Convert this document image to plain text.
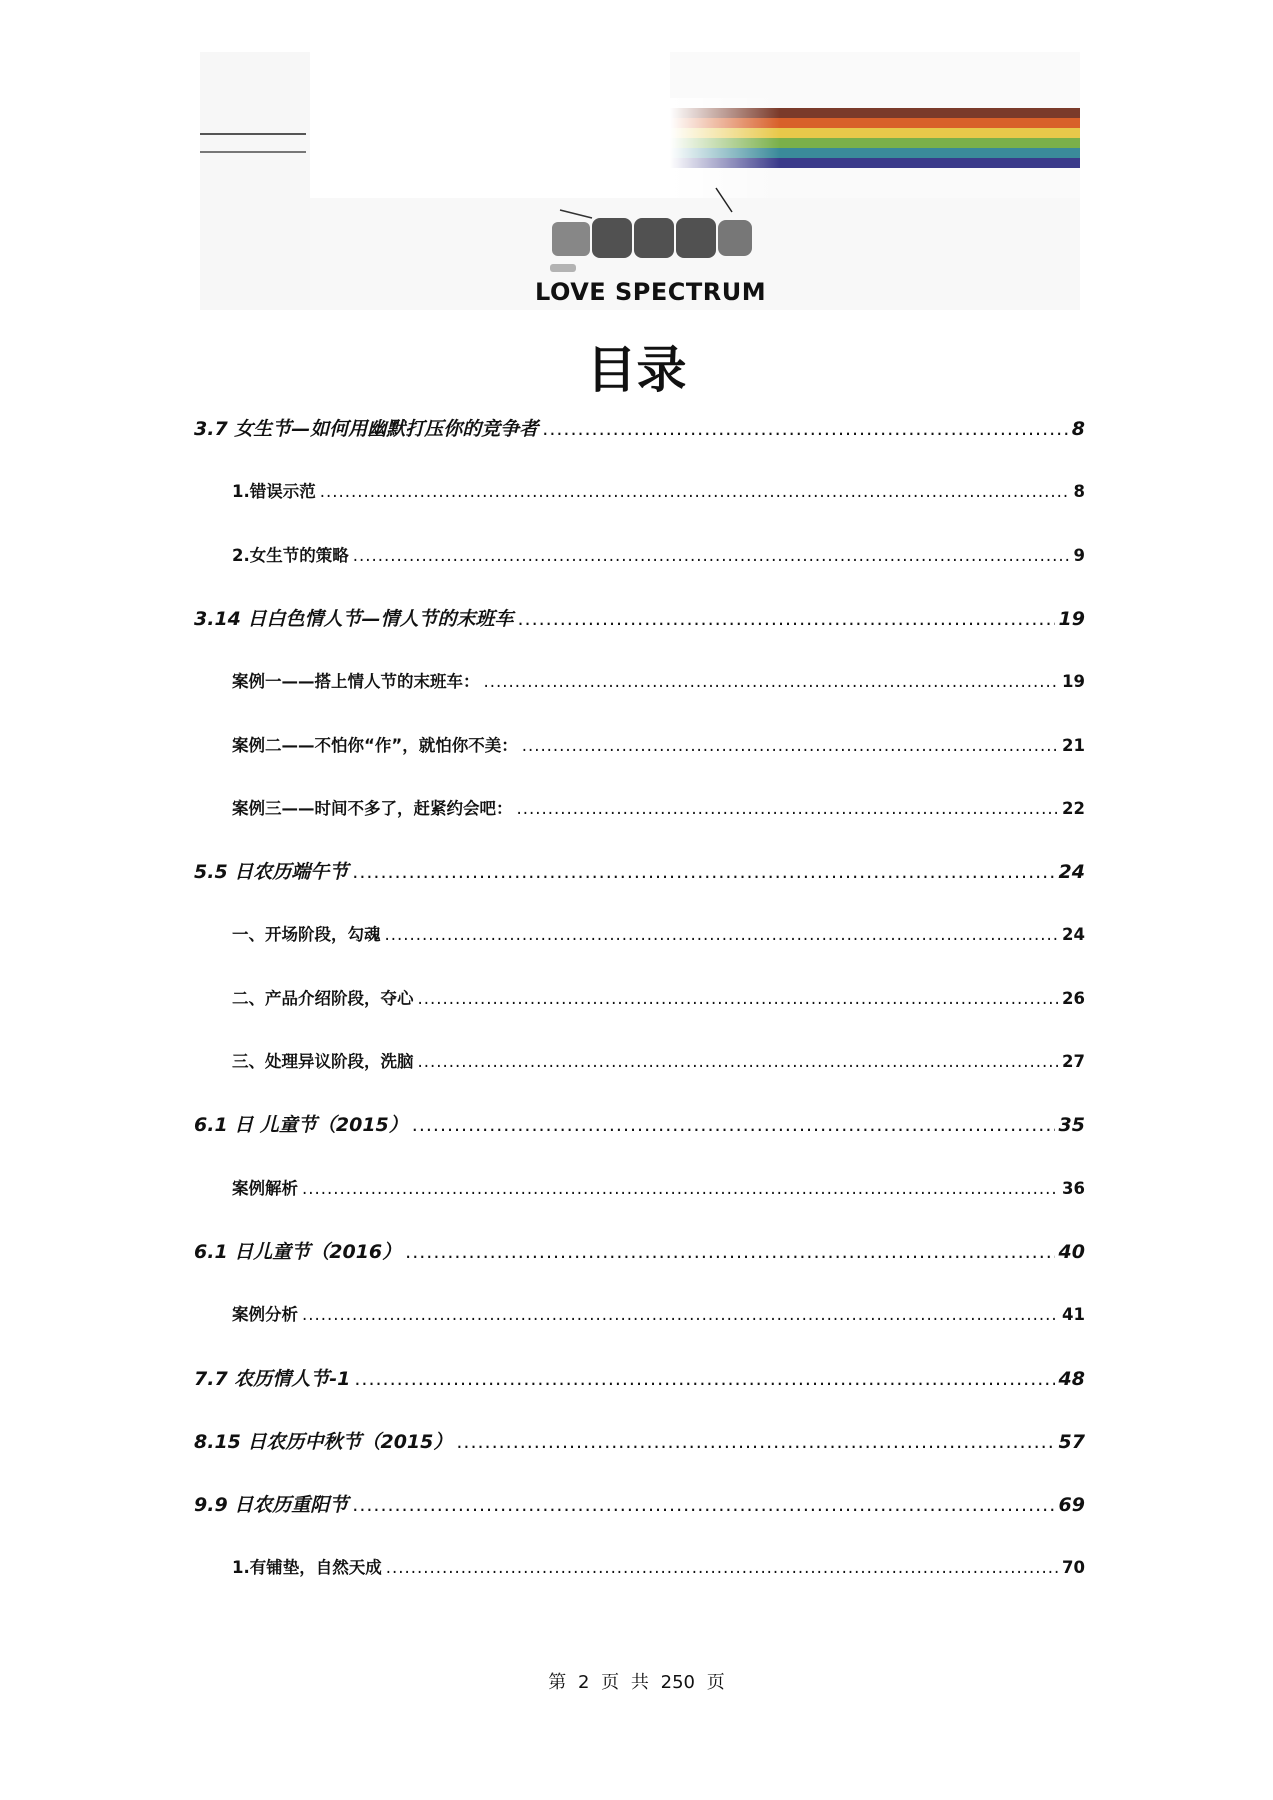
LOVE SPECTRUM
目录
3.7 女生节—如何用幽默打压你的竞争者 .....	8
1.错误示范 .....	8
2.女生节的策略 .....	9
3.14 日白色情人节—情人节的末班车 .....	19
案例一——搭上情人节的末班车： .....	19
案例二——不怕你“作”，就怕你不美： .....	21
案例三——时间不多了，赶紧约会吧： .....	22
5.5 日农历端午节 .....	24
一、开场阶段，勾魂 .....	24
二、产品介绍阶段，夺心 .....	26
三、处理异议阶段，洗脑 .....	27
6.1 日 儿童节（2015） .....	35
案例解析 .....	36
6.1 日儿童节（2016） .....	40
案例分析 .....	41
7.7 农历情人节-1 .....	48
8.15 日农历中秋节（2015） .....	57
9.9 日农历重阳节 .....	69
1.有铺垫，自然天成 .....	70
第 2 页 共 250 页
